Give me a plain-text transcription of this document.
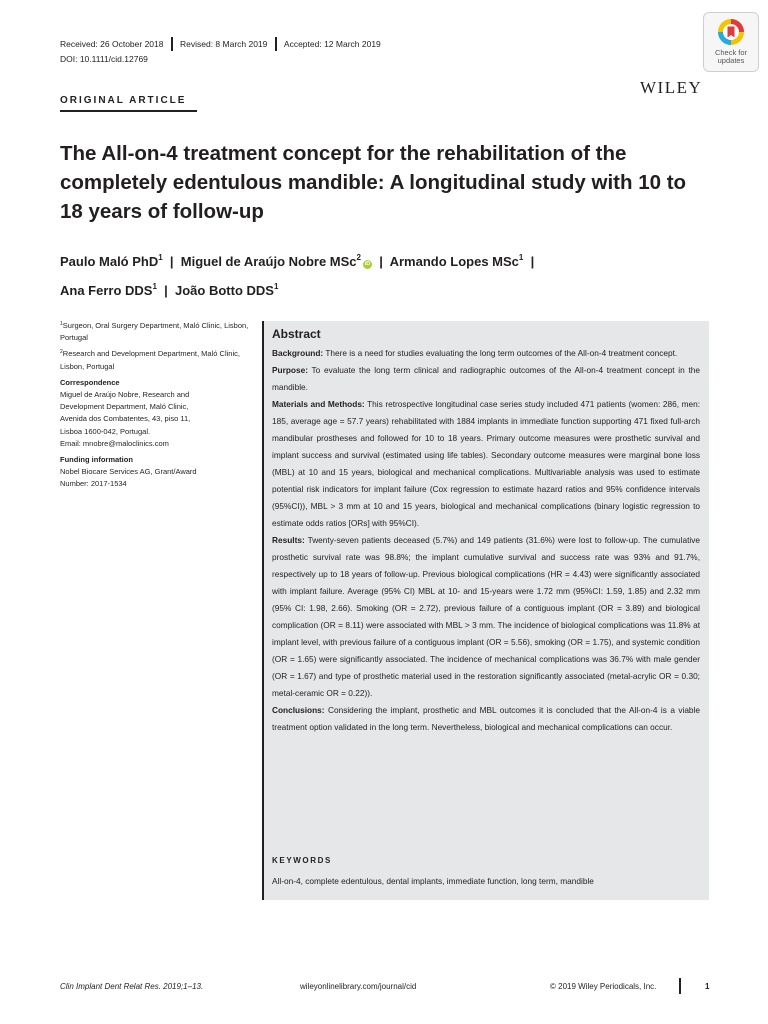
Received: 26 October 2018 Revised: 8 March 2019 Accepted: 12 March 2019
DOI: 10.1111/cid.12769
Check for
updates
WILEY
ORIGINAL ARTICLE
The All-on-4 treatment concept for the rehabilitation of the completely edentulous mandible: A longitudinal study with 10 to 18 years of follow-up
Paulo Maló PhD$^1$  |  Miguel de Araújo Nobre MSc$^2$iD  |  Armando Lopes MSc$^1$  |
Ana Ferro DDS$^1$  |  João Botto DDS$^1$

$^1$Surgeon, Oral Surgery Department, Maló Clinic, Lisbon, Portugal

$^2$Research and Development Department, Maló Clinic, Lisbon, Portugal

Correspondence
Miguel de Araújo Nobre, Research and
Development Department, Maló Clinic,
Avenida dos Combatentes, 43, piso 11,
Lisboa 1600-042, Portugal.
Email: mnobre@maloclinics.com
Funding information
Nobel Biocare Services AG, Grant/Award
Number: 2017-1534
Abstract

Background: There is a need for studies evaluating the long term outcomes of the All-on-4 treatment concept.

Purpose: To evaluate the long term clinical and radiographic outcomes of the All-on-4 treatment concept in the mandible.

Materials and Methods: This retrospective longitudinal case series study included 471 patients (women: 286, men: 185, average age = 57.7 years) rehabilitated with 1884 implants in immediate function supporting 471 fixed full-arch mandibular prostheses and followed for 10 to 18 years. Primary outcome measures were prosthetic survival and implant success and survival (estimated using life tables). Secondary outcome measures were marginal bone loss (MBL) at 10 and 15 years, biological and mechanical complications. Multivariable analysis was used to estimate potential risk indicators for implant failure (Cox regression to estimate hazard ratios and 95% confidence intervals (95%CI)), MBL > 3 mm at 10 and 15 years, biological and mechanical complications (binary logistic regression to estimate odds ratios [ORs] with 95%CI).

Results: Twenty-seven patients deceased (5.7%) and 149 patients (31.6%) were lost to follow-up. The cumulative prosthetic survival rate was 98.8%; the implant cumulative survival and success rate was 93% and 91.7%, respectively up to 18 years of follow-up. Previous biological complications (HR = 4.43) were significantly associated with implant failure. Average (95% CI) MBL at 10- and 15-years were 1.72 mm (95%CI: 1.59, 1.85) and 2.32 mm (95% CI: 1.98, 2.66). Smoking (OR = 2.72), previous failure of a contiguous implant (OR = 3.89) and biological complication (OR = 8.11) were associated with MBL > 3 mm. The incidence of biological complications was 11.8% at implant level, with previous failure of a contiguous implant (OR = 5.56), smoking (OR = 1.75), and systemic condition (OR = 1.65) were significantly associated. The incidence of mechanical complications was 36.7% with male gender (OR = 1.67) and type of prosthetic material used in the restoration significantly associated (metal-acrylic OR = 0.30; metal-ceramic OR = 0.22)).

Conclusions: Considering the implant, prosthetic and MBL outcomes it is concluded that the All-on-4 is a viable treatment option validated in the long term. Nevertheless, biological and mechanical complications can occur.

KEYWORDS
All-on-4, complete edentulous, dental implants, immediate function, long term, mandible
Clin Implant Dent Relat Res. 2019;1–13.	wileyonlinelibrary.com/journal/cid	© 2019 Wiley Periodicals, Inc.	1
